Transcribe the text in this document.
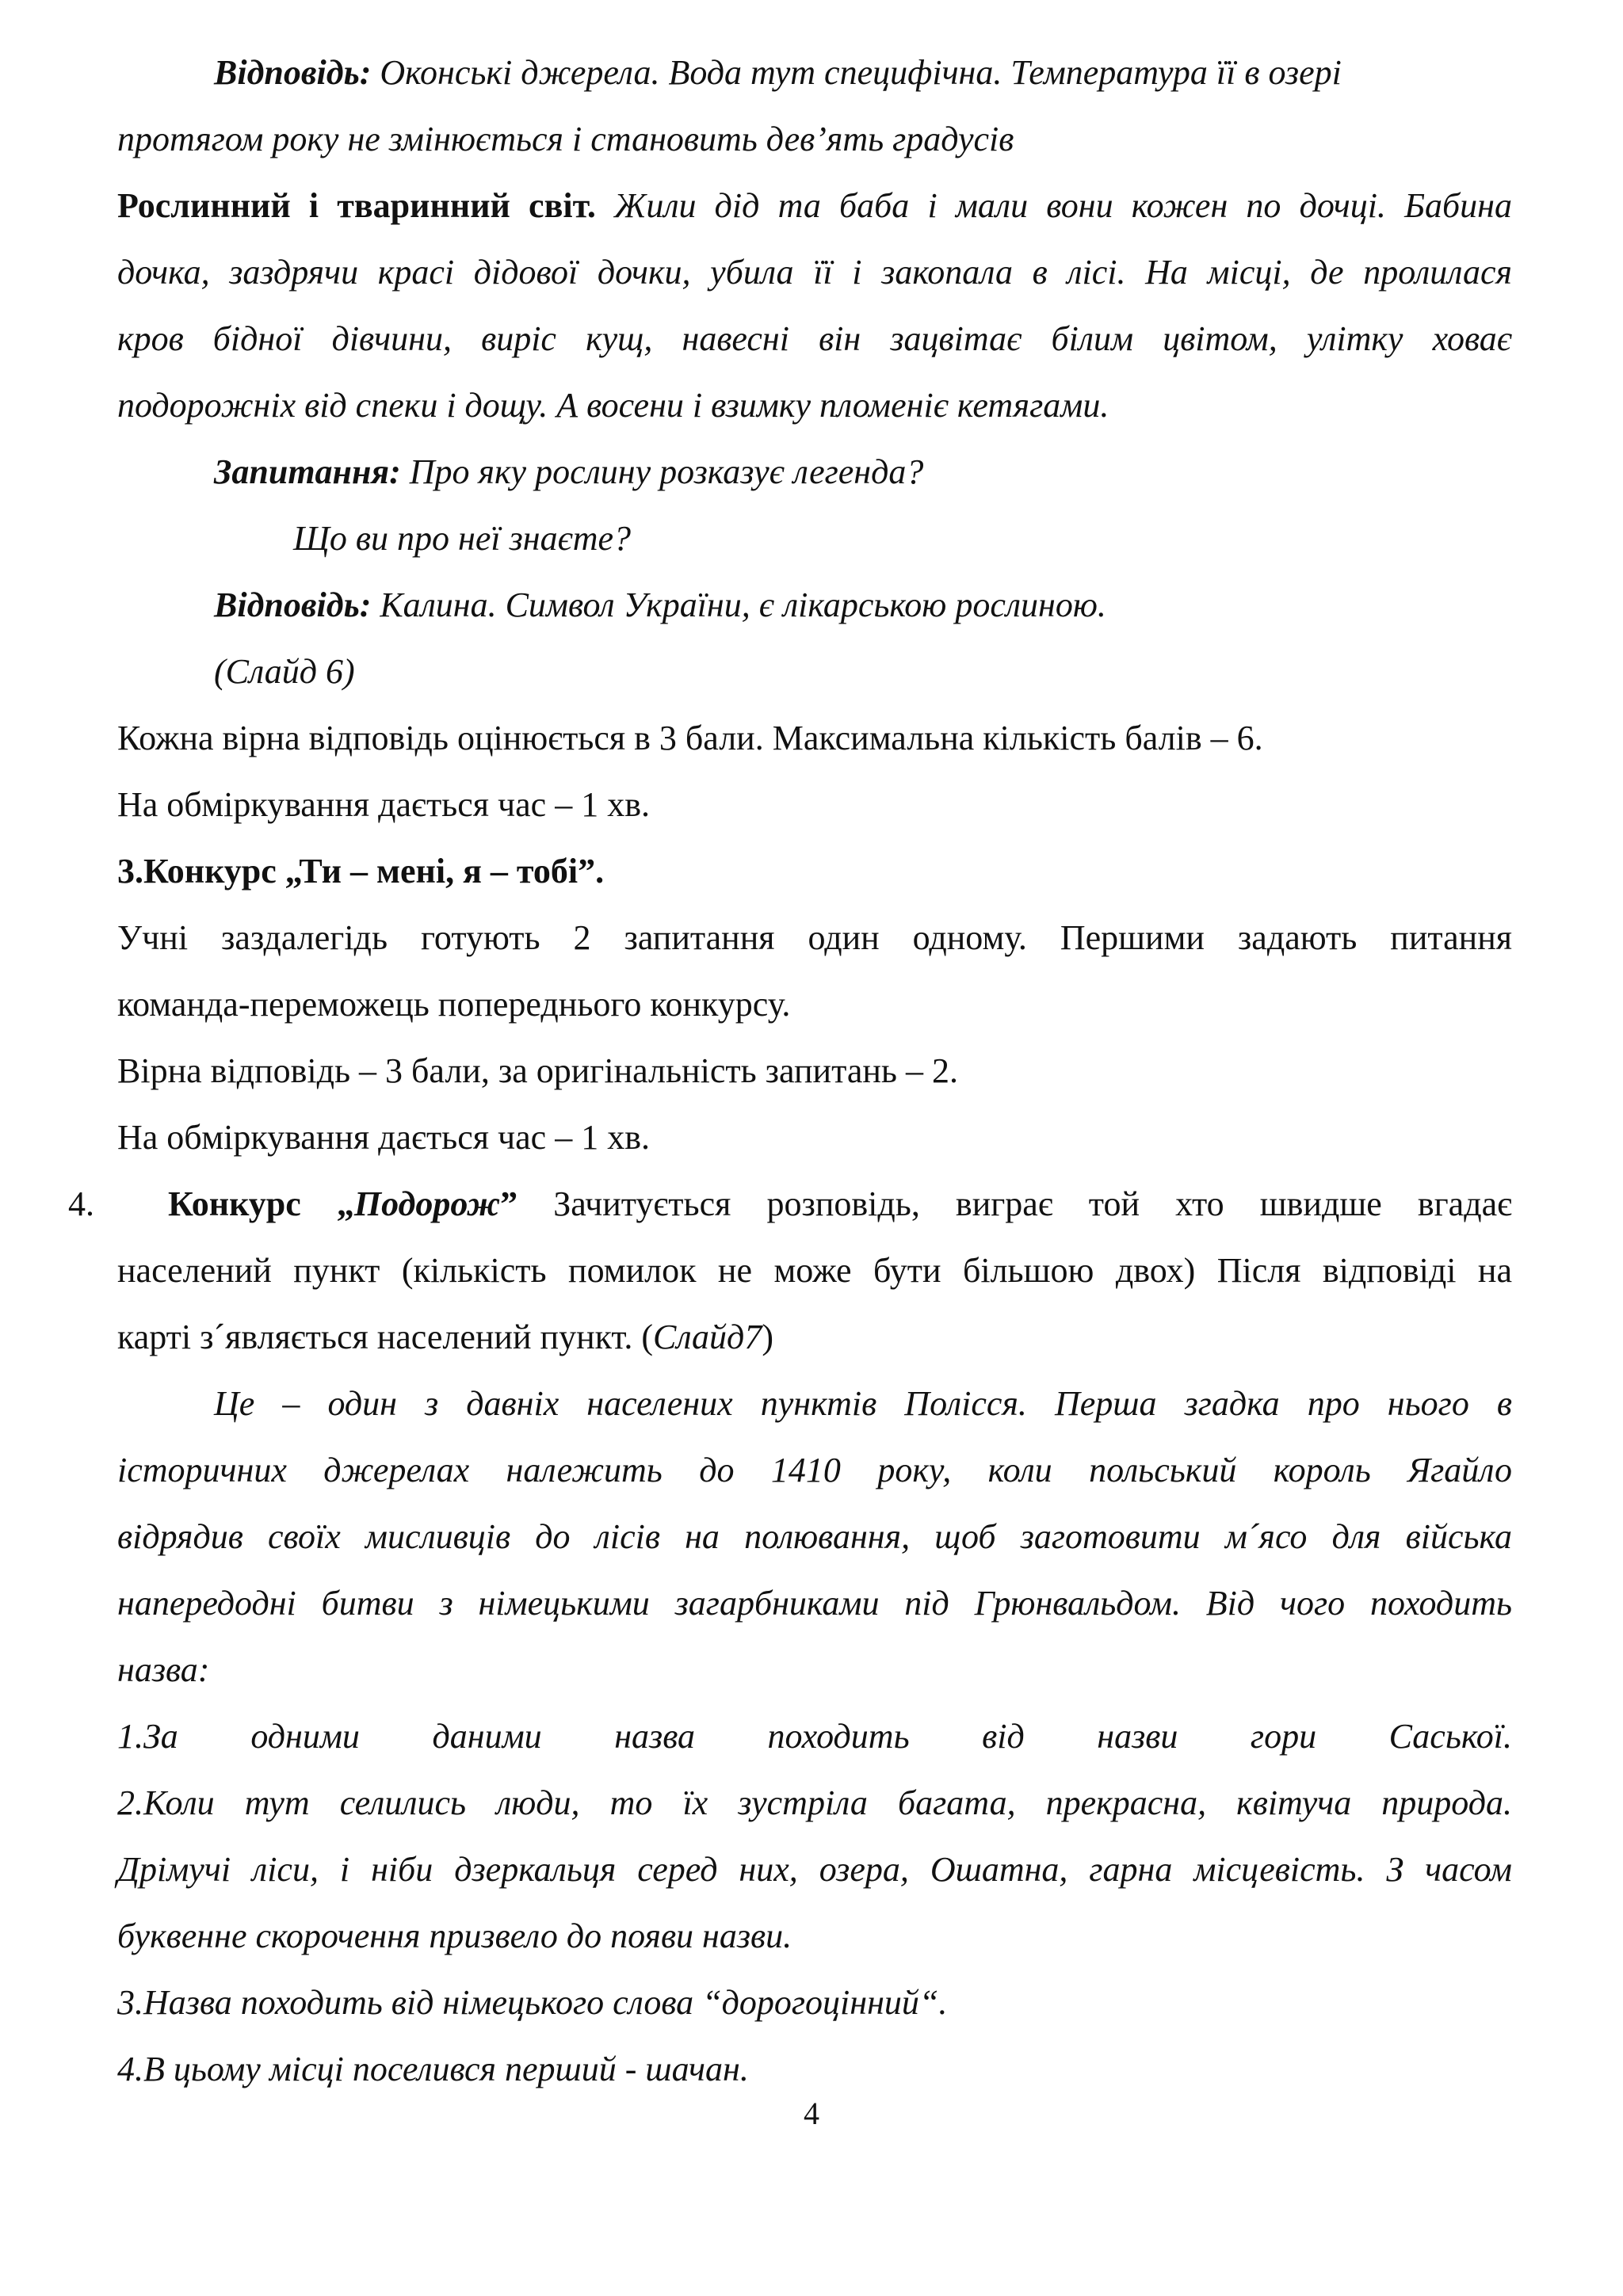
Відповідь: Оконські джерела. Вода тут специфічна. Температура її в озері
протягом року не змінюється і становить дев’ять градусів
Рослинний і тваринний світ. Жили дід та баба і мали вони кожен по дочці. Бабина
дочка, заздрячи красі дідової дочки, убила її і закопала в лісі. На місці, де пролилася
кров бідної дівчини, виріс кущ, навесні він зацвітає білим цвітом, улітку ховає
подорожніх від спеки і дощу. А восени і взимку пломеніє кетягами.
Запитання: Про яку рослину розказує легенда?
Що ви про неї знаєте?
Відповідь: Калина. Символ України, є лікарською рослиною.
(Слайд 6)
Кожна вірна відповідь оцінюється в 3 бали. Максимальна кількість балів – 6.
На обміркування дається час – 1 хв.
3.Конкурс „Ти – мені, я – тобі”.
Учні заздалегідь готують 2 запитання один одному. Першими задають питання
команда-переможець попереднього конкурсу.
Вірна відповідь – 3 бали, за оригінальність запитань – 2.
На обміркування дається час – 1 хв.
4. Конкурс „Подорож” Зачитується розповідь, виграє той хто швидше вгадає
населений пункт (кількість помилок не може бути більшою двох) Після відповіді на
карті з´являється населений пункт. (Слайд7)
Це – один з давніх населених пунктів Полісся. Перша згадка про нього в
історичних джерелах належить до 1410 року, коли польський король Ягайло
відрядив своїх мисливців до лісів на полювання, щоб заготовити м´ясо для війська
напередодні битви з німецькими загарбниками під Грюнвальдом. Від чого походить
назва:
1.За одними даними назва походить від назви гори Саської.
2.Коли тут селились люди, то їх зустріла багата, прекрасна, квітуча природа.
Дрімучі ліси, і ніби дзеркальця серед них, озера, Ошатна, гарна місцевість. З часом
буквенне скорочення призвело до появи назви.
3.Назва походить від німецького слова “дорогоцінний“.
4.В цьому місці поселився перший - шачан.
4
